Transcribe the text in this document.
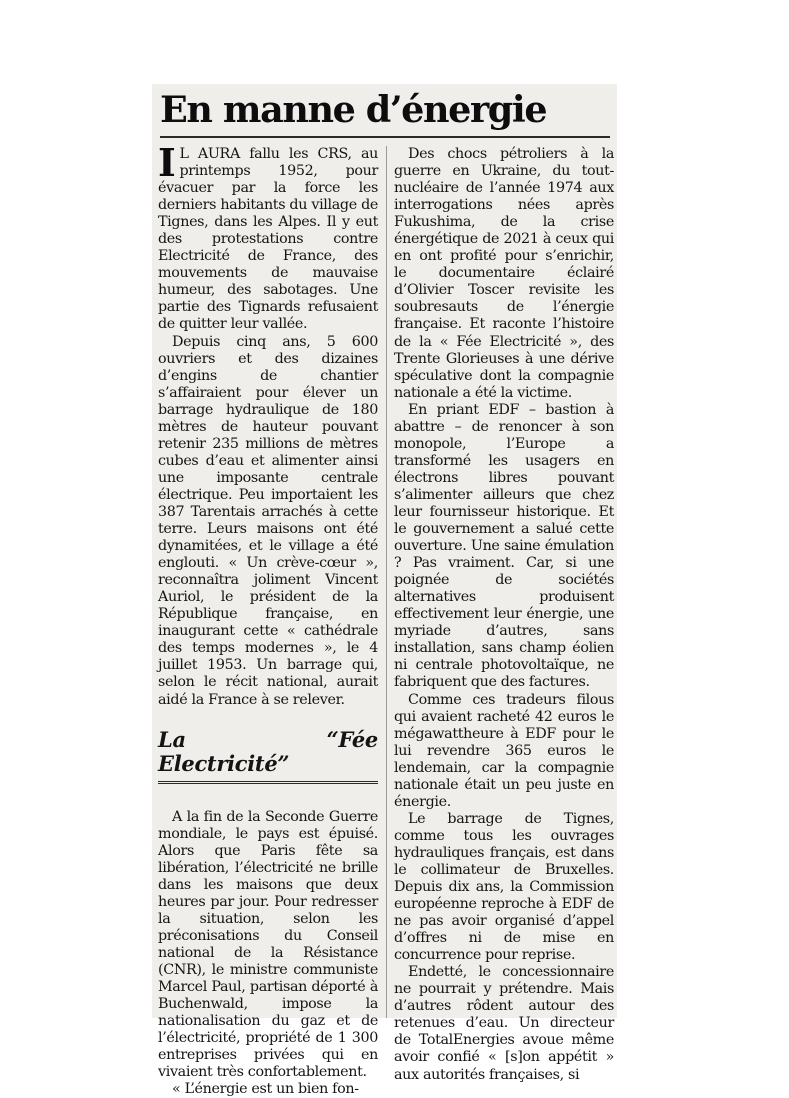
En manne d’énergie

I L AURA fallu les CRS, au printemps 1952, pour évacuer par la force les derniers habitants du village de Tignes, dans les Alpes. Il y eut des protestations contre Electricité de France, des mouvements de mauvaise humeur, des sabotages. Une partie des Tignards refusaient de quitter leur vallée.

Depuis cinq ans, 5 600 ouvriers et des dizaines d’engins de chantier s’affairaient pour élever un barrage hydraulique de 180 mètres de hauteur pouvant retenir 235 millions de mètres cubes d’eau et alimenter ainsi une imposante centrale électrique. Peu importaient les 387 Tarentais arrachés à cette terre. Leurs maisons ont été dynamitées, et le village a été englouti. « Un crève-cœur », reconnaîtra joliment Vincent Auriol, le président de la République française, en inaugurant cette « cathédrale des temps modernes », le 4 juillet 1953. Un barrage qui, selon le récit national, aurait aidé la France à se relever.

La “Fée Electricité”

A la fin de la Seconde Guerre mondiale, le pays est épuisé. Alors que Paris fête sa libération, l’électricité ne brille dans les maisons que deux heures par jour. Pour redresser la situation, selon les préconisations du Conseil national de la Résistance (CNR), le ministre communiste Marcel Paul, partisan déporté à Buchenwald, impose la nationalisation du gaz et de l’électricité, propriété de 1 300 entreprises privées qui en vivaient très confortablement.

« L’énergie est un bien fon-

Des chocs pétroliers à la guerre en Ukraine, du tout-nucléaire de l’année 1974 aux interrogations nées après Fukushima, de la crise énergétique de 2021 à ceux qui en ont profité pour s’enrichir, le documentaire éclairé d’Olivier Toscer revisite les soubresauts de l’énergie française. Et raconte l’histoire de la « Fée Electricité », des Trente Glorieuses à une dérive spéculative dont la compagnie nationale a été la victime.

En priant EDF – bastion à abattre – de renoncer à son monopole, l’Europe a transformé les usagers en électrons libres pouvant s’alimenter ailleurs que chez leur fournisseur historique. Et le gouvernement a salué cette ouverture. Une saine émulation ? Pas vraiment. Car, si une poignée de sociétés alternatives produisent effectivement leur énergie, une myriade d’autres, sans installation, sans champ éolien ni centrale photovoltaïque, ne fabriquent que des factures.

Comme ces tradeurs filous qui avaient racheté 42 euros le mégawattheure à EDF pour le lui revendre 365 euros le lendemain, car la compagnie nationale était un peu juste en énergie.

Le barrage de Tignes, comme tous les ouvrages hydrauliques français, est dans le collimateur de Bruxelles. Depuis dix ans, la Commission européenne reproche à EDF de ne pas avoir organisé d’appel d’offres ni de mise en concurrence pour reprise.

Endetté, le concessionnaire ne pourrait y prétendre. Mais d’autres rôdent autour des retenues d’eau. Un directeur de TotalEnergies avoue même avoir confié « [s]on appétit » aux autorités françaises, si
